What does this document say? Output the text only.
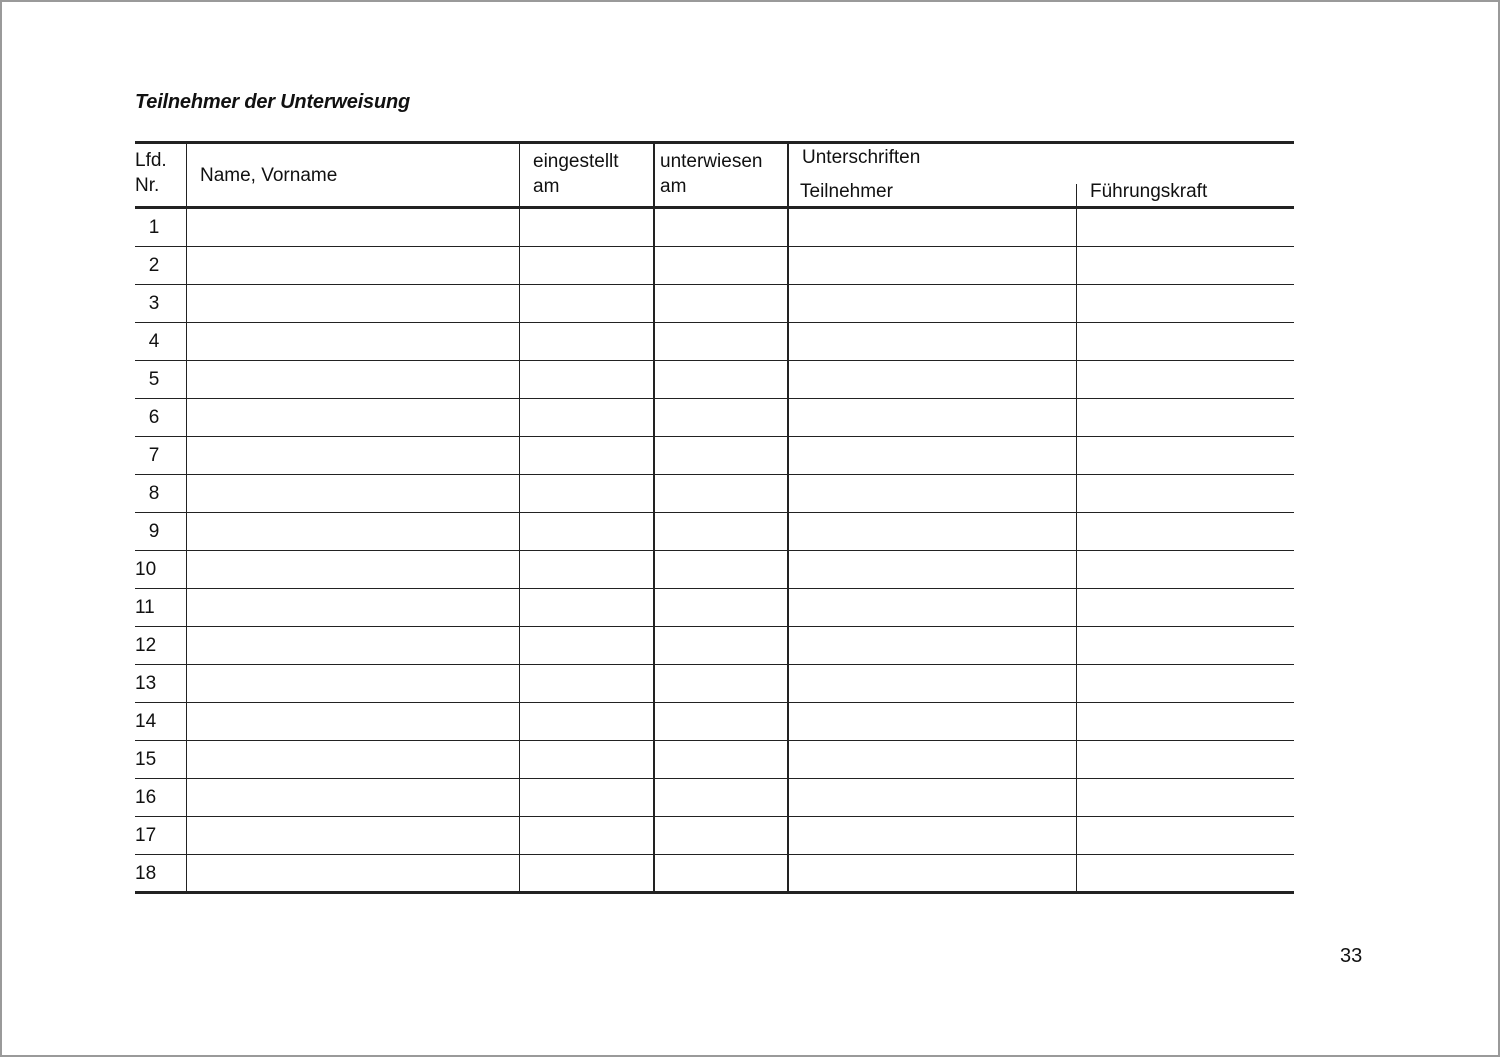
Teilnehmer der Unterweisung
Lfd.
Nr.	Name, Vorname
eingestellt
am
unterwiesen
am
Unterschriften
Teilnehmer	Führungskraft
1
2
3
4
5
6
7
8
9
10
11
12
13
14
15
16
17
18
33
